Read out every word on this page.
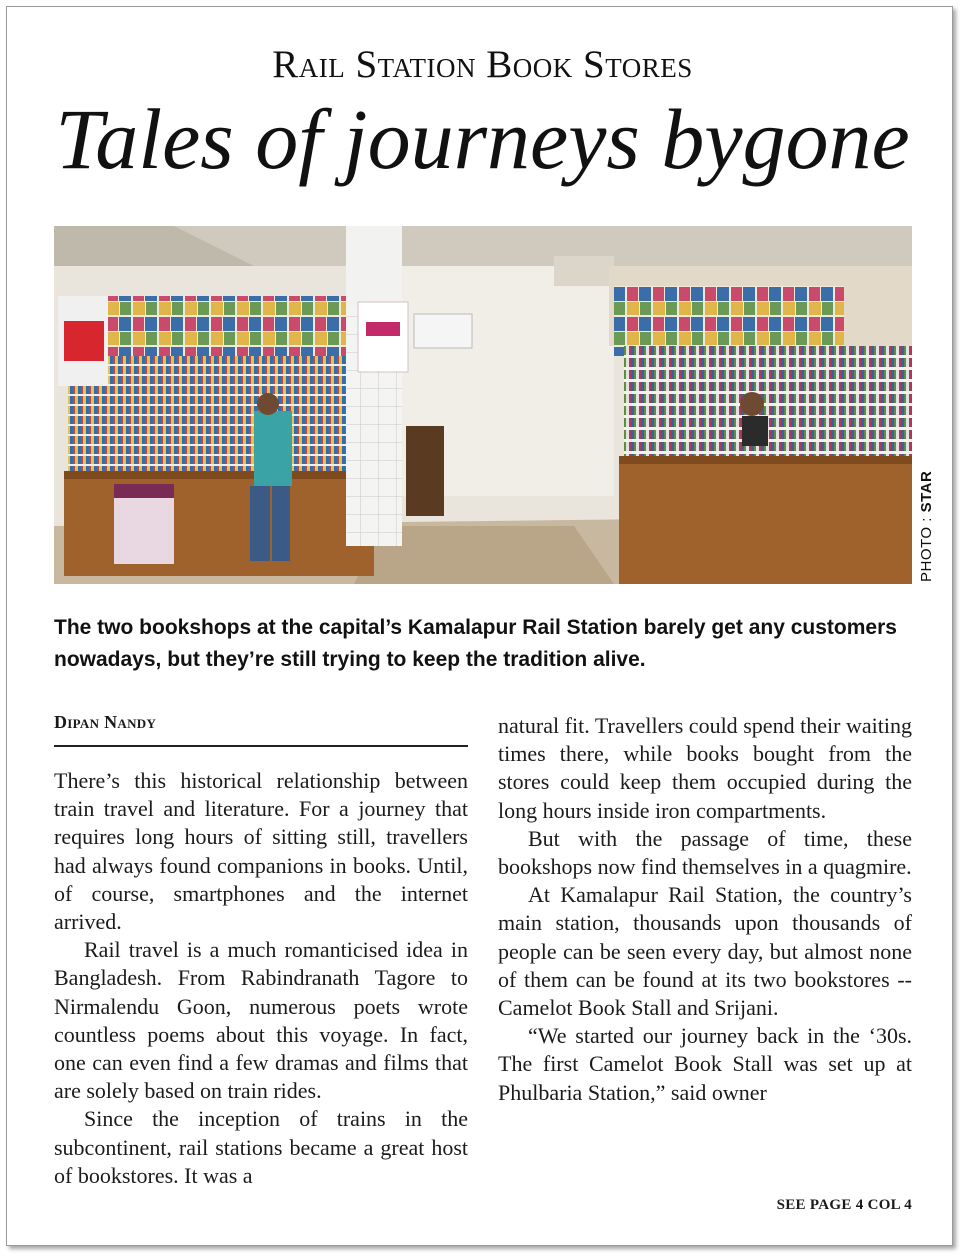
Rail Station Book Stores
Tales of journeys bygone
PHOTO : STAR
The two bookshops at the capital’s Kamalapur Rail Station barely get any customers nowadays, but they’re still trying to keep the tradition alive.
Dipan Nandy

There’s this historical relationship between train travel and literature. For a journey that requires long hours of sitting still, travellers had always found companions in books. Until, of course, smartphones and the internet arrived.

Rail travel is a much romanticised idea in Bangladesh. From Rabindranath Tagore to Nirmalendu Goon, numerous poets wrote countless poems about this voyage. In fact, one can even find a few dramas and films that are solely based on train rides.

Since the inception of trains in the subcontinent, rail stations became a great host of bookstores. It was a

natural fit. Travellers could spend their waiting times there, while books bought from the stores could keep them occupied during the long hours inside iron compartments.

But with the passage of time, these bookshops now find themselves in a quagmire.

At Kamalapur Rail Station, the country’s main station, thousands upon thousands of people can be seen every day, but almost none of them can be found at its two bookstores -- Camelot Book Stall and Srijani.

“We started our journey back in the ‘30s. The first Camelot Book Stall was set up at Phulbaria Station,” said owner

SEE PAGE 4 COL 4
